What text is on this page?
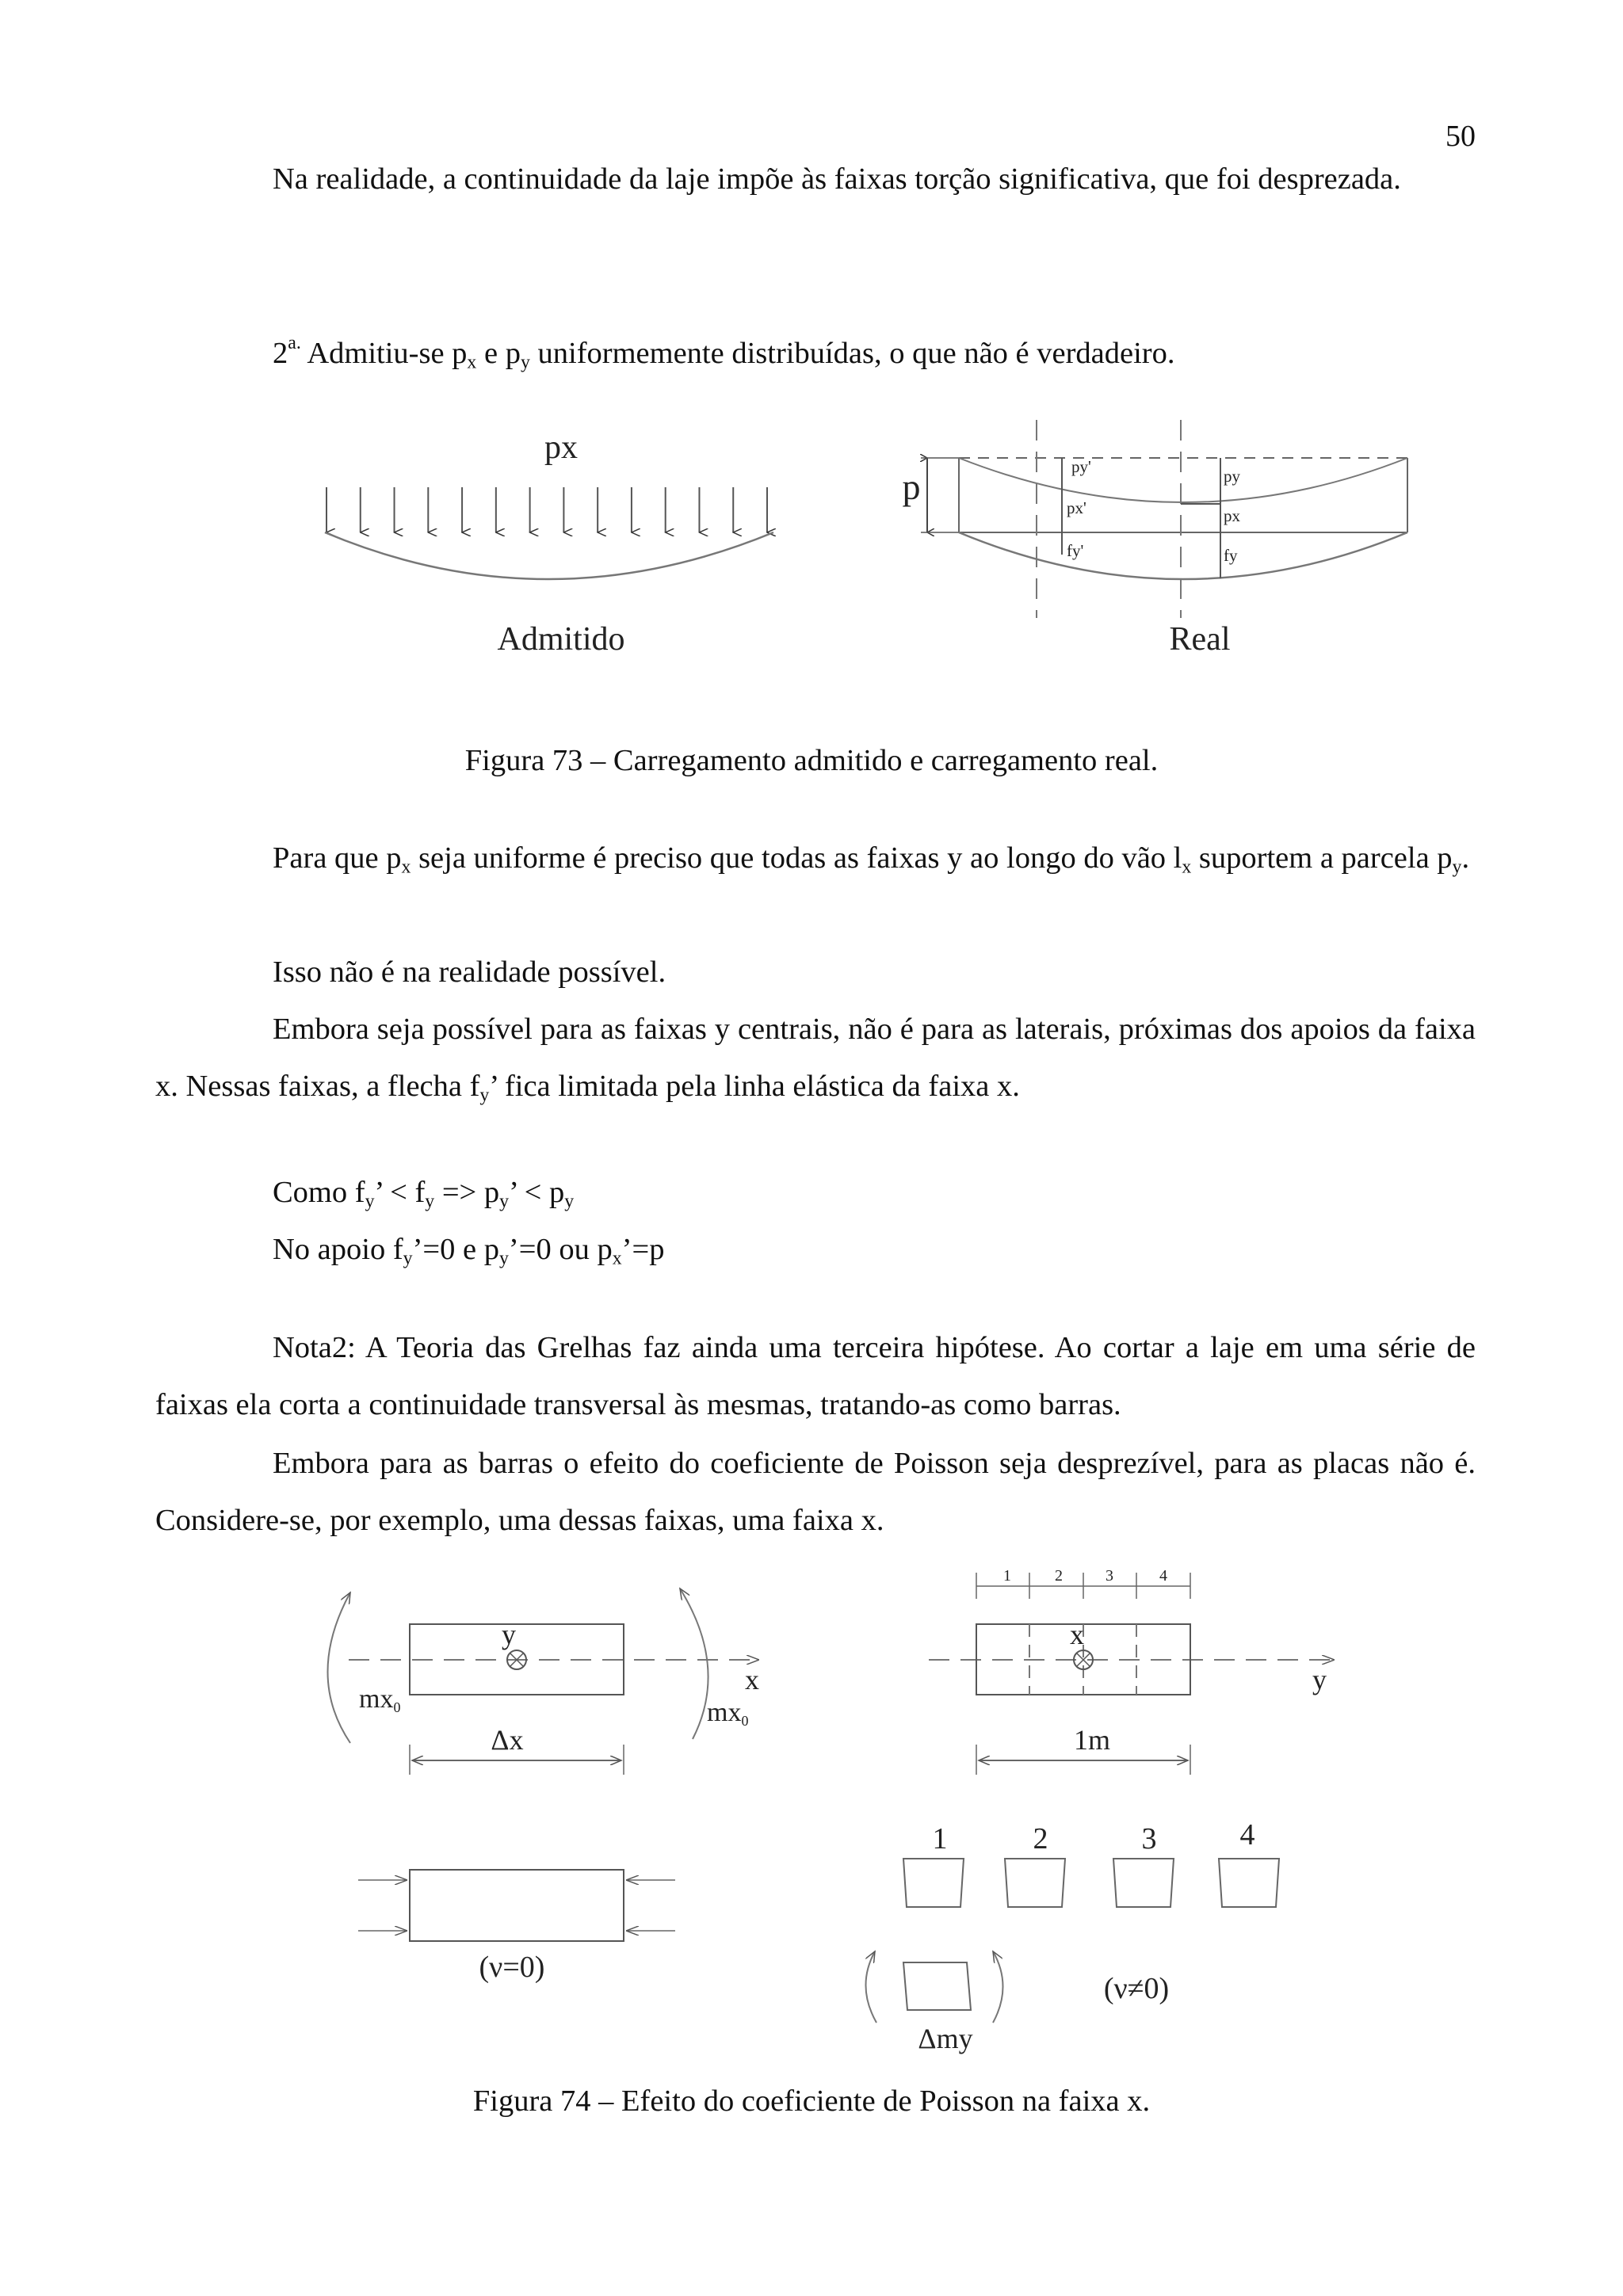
50

Na realidade, a continuidade da laje impõe às faixas torção significativa, que foi desprezada.

$2^{a.}$ Admitiu-se $p_x$ e $p_y$ uniformemente distribuídas, o que não é verdadeiro.
px
Admitido
p	py'
px'
fy'
py
px
fy
Real
Figura 73 – Carregamento admitido e carregamento real.

Para que $p_x$ seja uniforme é preciso que todas as faixas y ao longo do vão $l_x$ suportem a parcela $p_y$.

Isso não é na realidade possível.

Embora seja possível para as faixas y centrais, não é para as laterais, próximas dos apoios da faixa x. Nessas faixas, a flecha $f_y$’ fica limitada pela linha elástica da faixa x.

Como $f_y$’ < $f_y => p_y$’ < $p_y$
No apoio $f_y’=0$ e $p_y’=0$ ou $p_x’=p$

Nota2: A Teoria das Grelhas faz ainda uma terceira hipótese. Ao cortar a laje em uma série de faixas ela corta a continuidade transversal às mesmas, tratando-as como barras.

Embora para as barras o efeito do coeficiente de Poisson seja desprezível, para as placas não é. Considere-se, por exemplo, uma dessas faixas, uma faixa x.

y
x
mx0	mx0
Δx
(ν=0)
x
y
1	2	3	4
1m
1	2	3	4
Δmy
(ν≠0)
Figura 74 – Efeito do coeficiente de Poisson na faixa x.
